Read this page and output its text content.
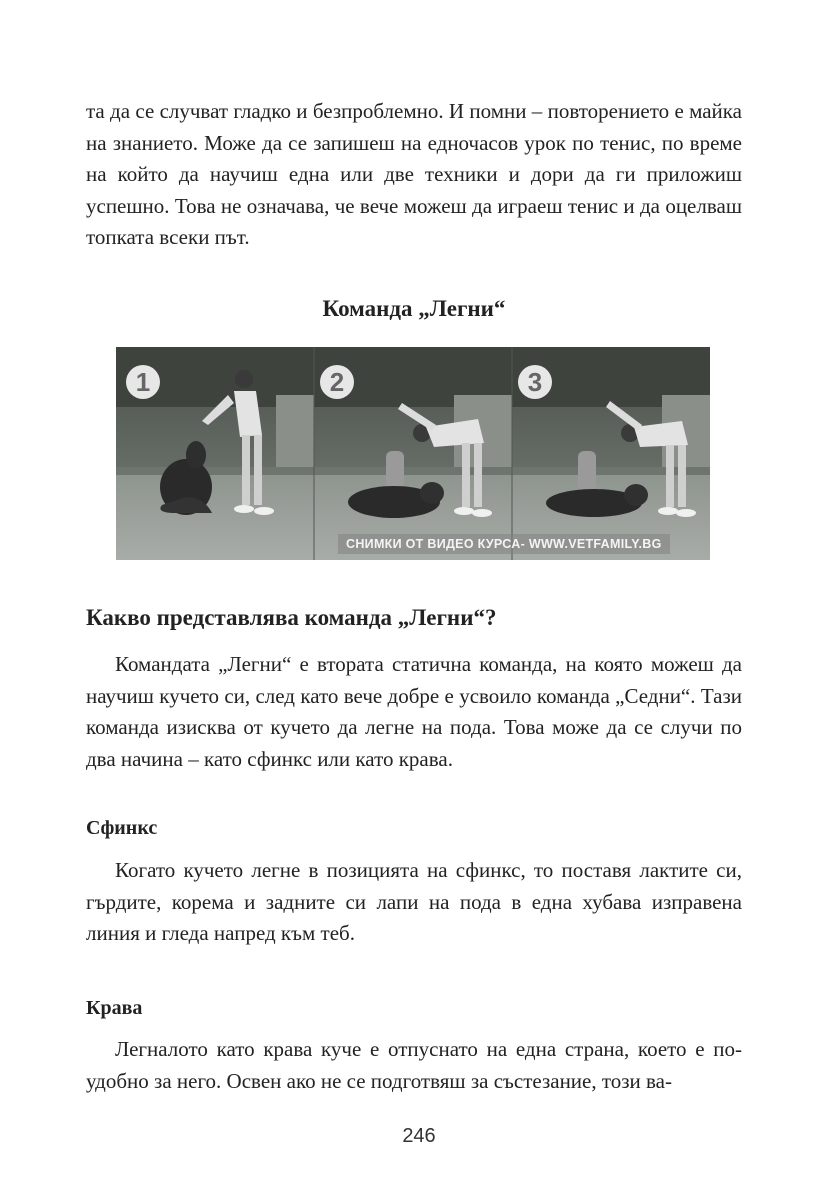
та да се случват гладко и безпроблемно. И помни – повторението е майка на знанието. Може да се запишеш на едночасов урок по тенис, по време на който да научиш една или две техники и дори да ги приложиш успешно. Това не означава, че вече можеш да играеш тенис и да оцелваш топката всеки път.

Команда „Легни“
1	2	3
СНИМКИ ОТ ВИДЕО КУРСА- WWW.VETFAMILY.BG
Какво представлява команда „Легни“?

Командата „Легни“ е втората статична команда, на която можеш да научиш кучето си, след като вече добре е усвоило команда „Седни“. Тази команда изисква от кучето да легне на пода. Това може да се случи по два начина – като сфинкс или като крава.

Сфинкс

Когато кучето легне в позицията на сфинкс, то поставя лактите си, гърдите, корема и задните си лапи на пода в една хубава изправена линия и гледа напред към теб.

Крава

Легналото като крава куче е отпуснато на една страна, което е по-удобно за него. Освен ако не се подготвяш за състезание, този ва-

246
